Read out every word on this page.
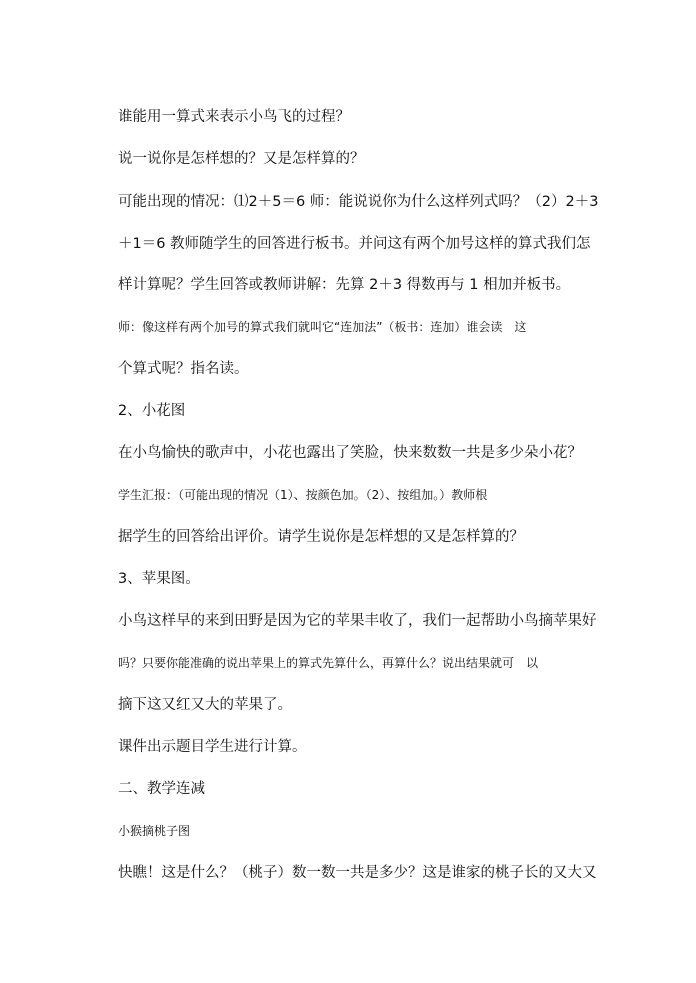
谁能用一算式来表示小鸟飞的过程？
说一说你是怎样想的？又是怎样算的？
可能出现的情况：⑴2＋5＝6 师：能说说你为什么这样列式吗？（2）2＋3
＋1＝6 教师随学生的回答进行板书。并问这有两个加号这样的算式我们怎
样计算呢？学生回答或教师讲解：先算 2＋3 得数再与 1 相加并板书。
师：像这样有两个加号的算式我们就叫它“连加法”（板书：连加）谁会读　这
个算式呢？指名读。
2、小花图
在小鸟愉快的歌声中，小花也露出了笑脸，快来数数一共是多少朵小花？
学生汇报：（可能出现的情况（1）、按颜色加。（2）、按组加。）教师根
据学生的回答给出评价。请学生说你是怎样想的又是怎样算的？
3、苹果图。
小鸟这样早的来到田野是因为它的苹果丰收了，我们一起帮助小鸟摘苹果好
吗？只要你能准确的说出苹果上的算式先算什么，再算什么？说出结果就可　以
摘下这又红又大的苹果了。
课件出示题目学生进行计算。
二、教学连减
小猴摘桃子图
快瞧！这是什么？（桃子）数一数一共是多少？这是谁家的桃子长的又大又
